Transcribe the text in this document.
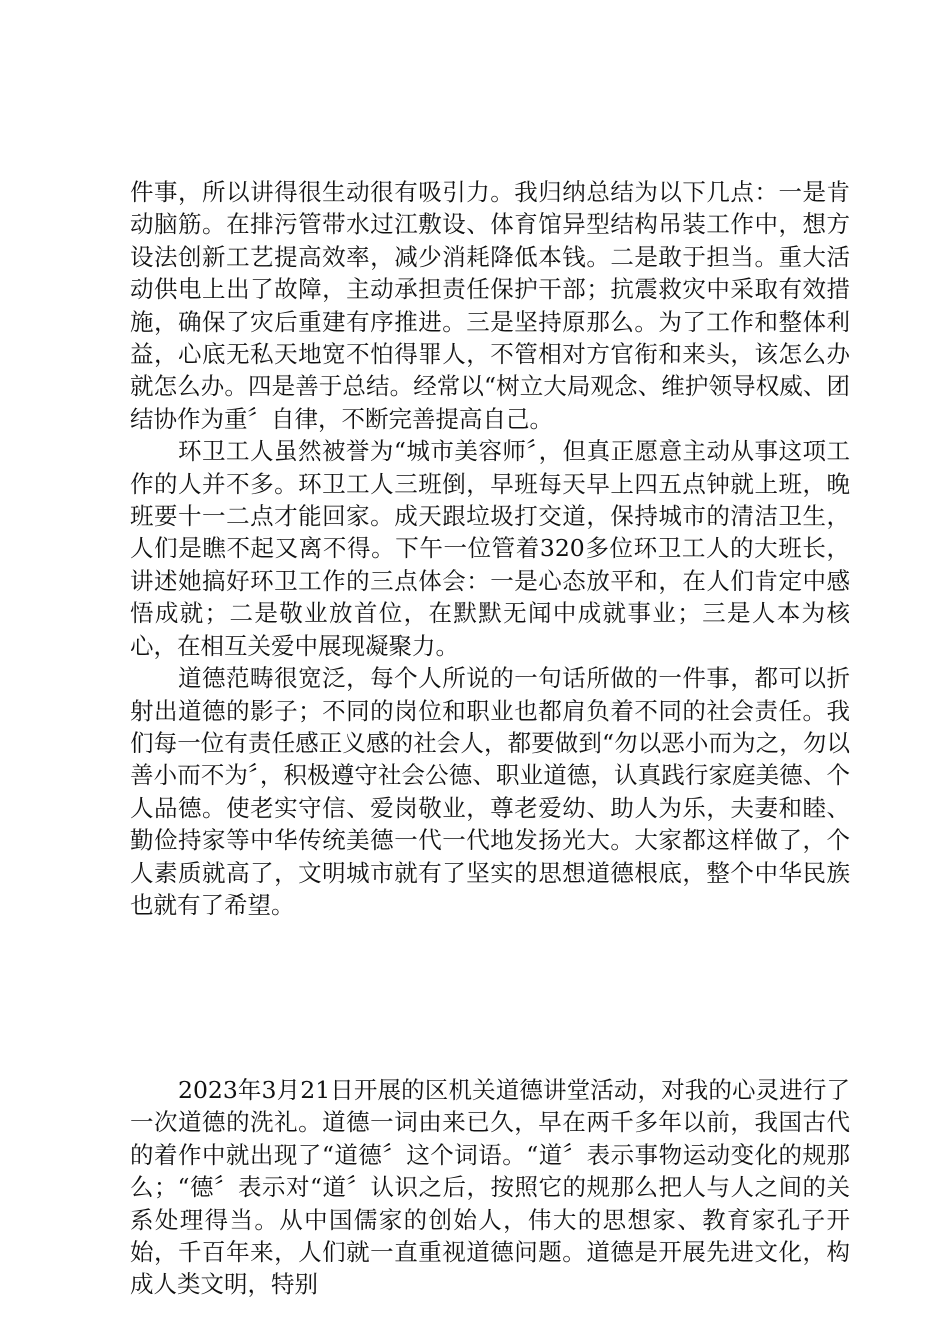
件事，所以讲得很生动很有吸引力。我归纳总结为以下几点：一是肯动脑筋。在排污管带水过江敷设、体育馆异型结构吊装工作中，想方设法创新工艺提高效率，减少消耗降低本钱。二是敢于担当。重大活动供电上出了故障，主动承担责任保护干部；抗震救灾中采取有效措施，确保了灾后重建有序推进。三是坚持原那么。为了工作和整体利益，心底无私天地宽不怕得罪人，不管相对方官衔和来头，该怎么办就怎么办。四是善于总结。经常以“树立大局观念、维护领导权威、团结协作为重〞自律，不断完善提高自己。

环卫工人虽然被誉为“城市美容师〞，但真正愿意主动从事这项工作的人并不多。环卫工人三班倒，早班每天早上四五点钟就上班，晚班要十一二点才能回家。成天跟垃圾打交道，保持城市的清洁卫生，人们是瞧不起又离不得。下午一位管着320多位环卫工人的大班长，讲述她搞好环卫工作的三点体会：一是心态放平和，在人们肯定中感悟成就；二是敬业放首位，在默默无闻中成就事业；三是人本为核心，在相互关爱中展现凝聚力。

道德范畴很宽泛，每个人所说的一句话所做的一件事，都可以折射出道德的影子；不同的岗位和职业也都肩负着不同的社会责任。我们每一位有责任感正义感的社会人，都要做到“勿以恶小而为之，勿以善小而不为〞，积极遵守社会公德、职业道德，认真践行家庭美德、个人品德。使老实守信、爱岗敬业，尊老爱幼、助人为乐，夫妻和睦、勤俭持家等中华传统美德一代一代地发扬光大。大家都这样做了，个人素质就高了，文明城市就有了坚实的思想道德根底，整个中华民族也就有了希望。

2023年3月21日开展的区机关道德讲堂活动，对我的心灵进行了一次道德的洗礼。道德一词由来已久，早在两千多年以前，我国古代的着作中就出现了“道德〞这个词语。“道〞表示事物运动变化的规那么；“德〞表示对“道〞认识之后，按照它的规那么把人与人之间的关系处理得当。从中国儒家的创始人，伟大的思想家、教育家孔子开始，千百年来，人们就一直重视道德问题。道德是开展先进文化，构成人类文明，特别
